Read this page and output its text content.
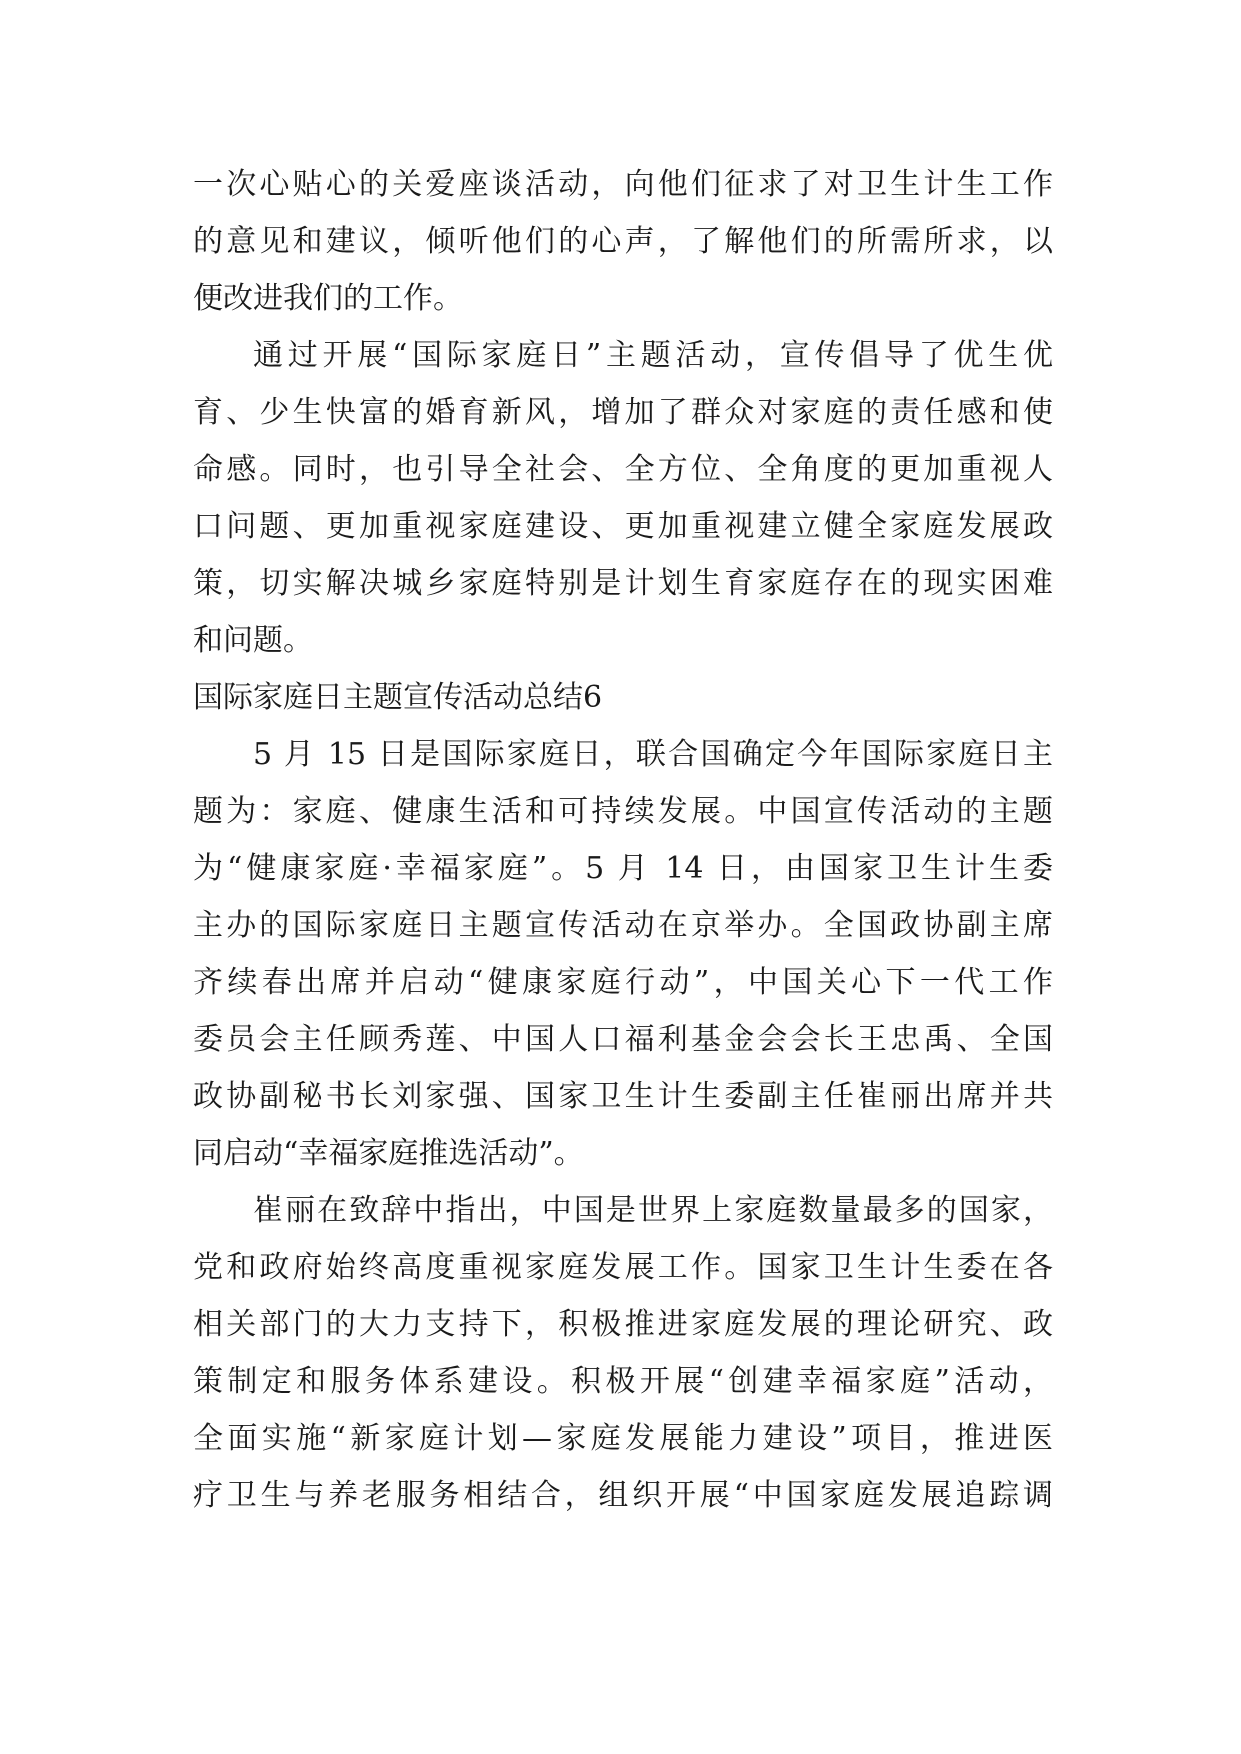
一次心贴心的关爱座谈活动，向他们征求了对卫生计生工作

的意见和建议，倾听他们的心声，了解他们的所需所求，以

便改进我们的工作。

通过开展“国际家庭日”主题活动，宣传倡导了优生优

育、少生快富的婚育新风，增加了群众对家庭的责任感和使

命感。同时，也引导全社会、全方位、全角度的更加重视人

口问题、更加重视家庭建设、更加重视建立健全家庭发展政

策，切实解决城乡家庭特别是计划生育家庭存在的现实困难

和问题。

国际家庭日主题宣传活动总结6

5 月 15 日是国际家庭日，联合国确定今年国际家庭日主

题为：家庭、健康生活和可持续发展。中国宣传活动的主题

为“健康家庭·幸福家庭”。5 月 14 日，由国家卫生计生委

主办的国际家庭日主题宣传活动在京举办。全国政协副主席

齐续春出席并启动“健康家庭行动”，中国关心下一代工作

委员会主任顾秀莲、中国人口福利基金会会长王忠禹、全国

政协副秘书长刘家强、国家卫生计生委副主任崔丽出席并共

同启动“幸福家庭推选活动”。

崔丽在致辞中指出，中国是世界上家庭数量最多的国家，

党和政府始终高度重视家庭发展工作。国家卫生计生委在各

相关部门的大力支持下，积极推进家庭发展的理论研究、政

策制定和服务体系建设。积极开展“创建幸福家庭”活动，

全面实施“新家庭计划—家庭发展能力建设”项目，推进医

疗卫生与养老服务相结合，组织开展“中国家庭发展追踪调
